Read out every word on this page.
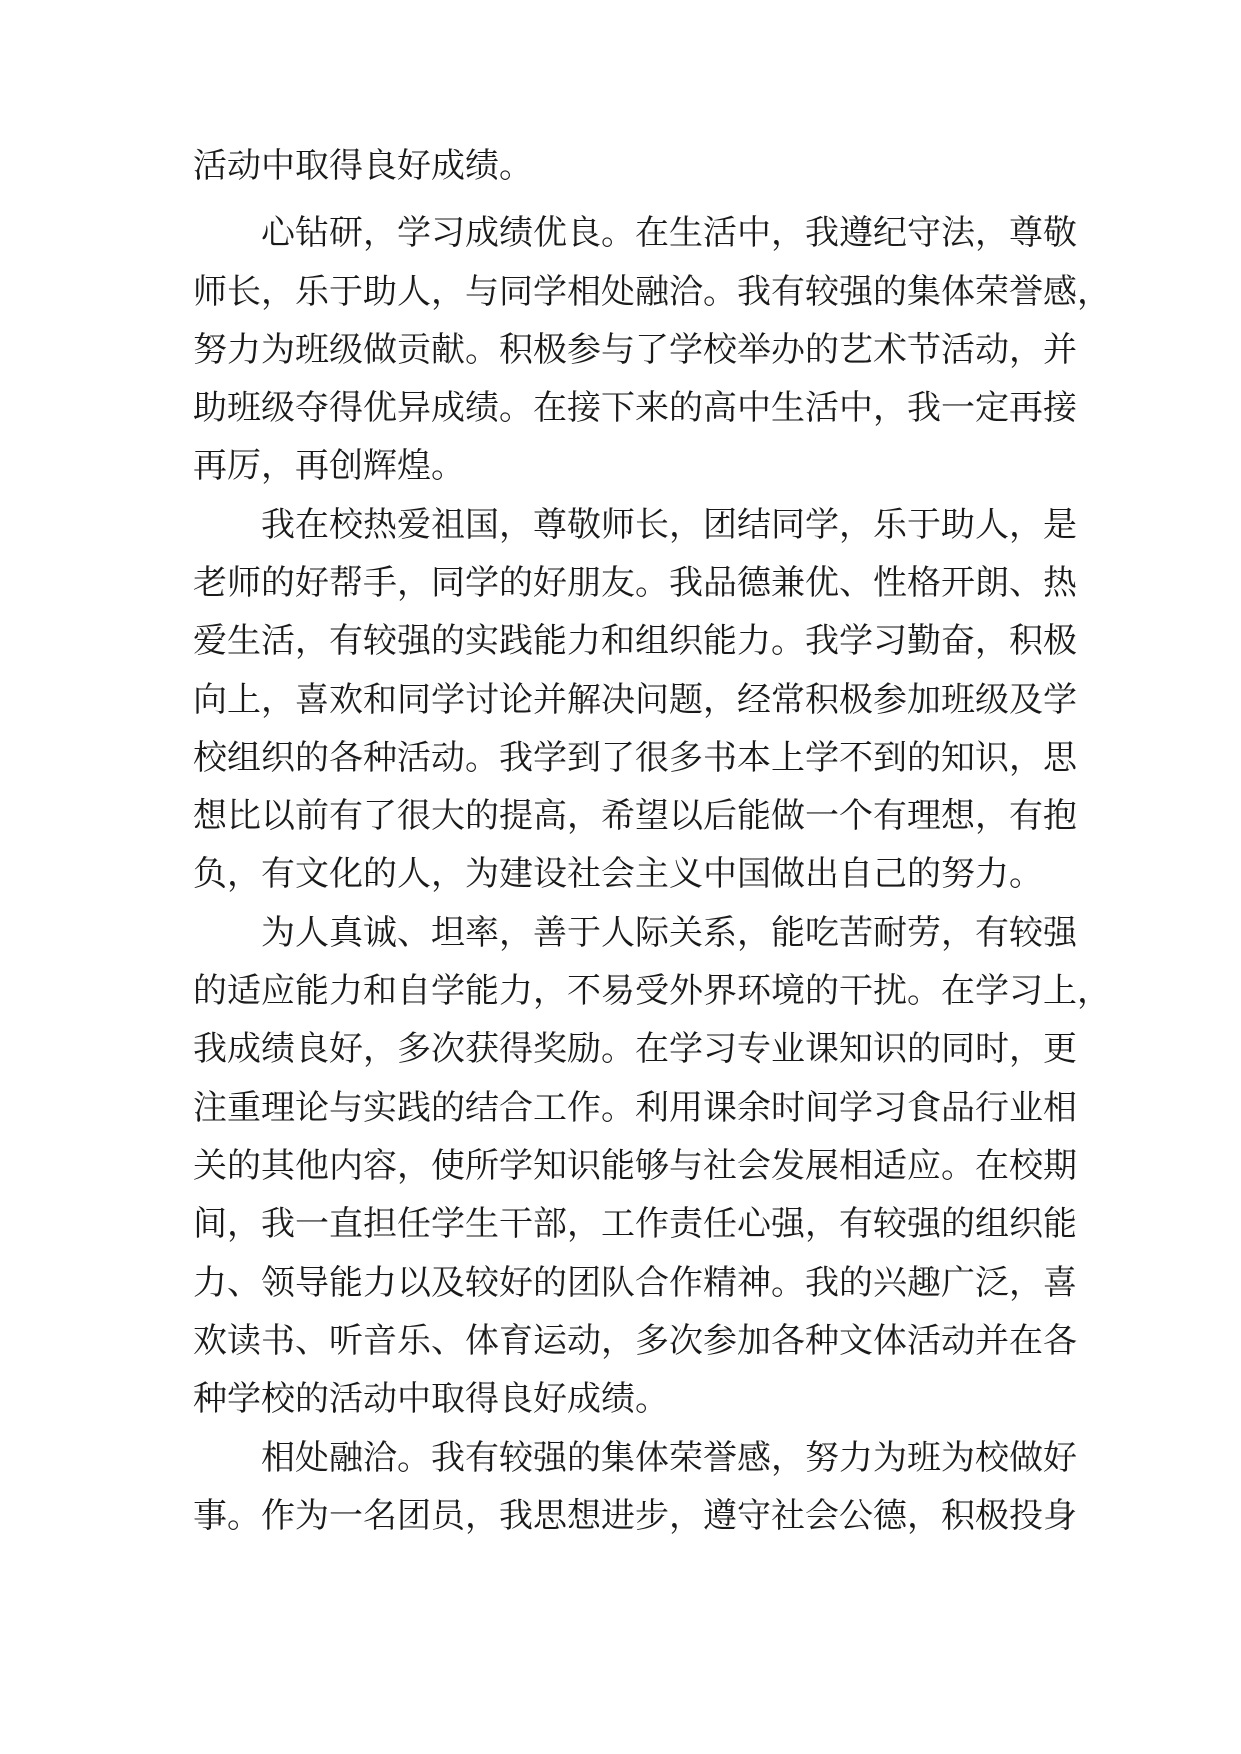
活动中取得良好成绩。
心钻研，学习成绩优良。在生活中，我遵纪守法，尊敬
师长，乐于助人，与同学相处融洽。我有较强的集体荣誉感，
努力为班级做贡献。积极参与了学校举办的艺术节活动，并
助班级夺得优异成绩。在接下来的高中生活中，我一定再接
再厉，再创辉煌。
我在校热爱祖国，尊敬师长，团结同学，乐于助人，是
老师的好帮手，同学的好朋友。我品德兼优、性格开朗、热
爱生活，有较强的实践能力和组织能力。我学习勤奋，积极
向上，喜欢和同学讨论并解决问题，经常积极参加班级及学
校组织的各种活动。我学到了很多书本上学不到的知识，思
想比以前有了很大的提高，希望以后能做一个有理想，有抱
负，有文化的人，为建设社会主义中国做出自己的努力。
为人真诚、坦率，善于人际关系，能吃苦耐劳，有较强
的适应能力和自学能力，不易受外界环境的干扰。在学习上，
我成绩良好，多次获得奖励。在学习专业课知识的同时，更
注重理论与实践的结合工作。利用课余时间学习食品行业相
关的其他内容，使所学知识能够与社会发展相适应。在校期
间，我一直担任学生干部，工作责任心强，有较强的组织能
力、领导能力以及较好的团队合作精神。我的兴趣广泛，喜
欢读书、听音乐、体育运动，多次参加各种文体活动并在各
种学校的活动中取得良好成绩。
相处融洽。我有较强的集体荣誉感，努力为班为校做好
事。作为一名团员，我思想进步，遵守社会公德，积极投身
